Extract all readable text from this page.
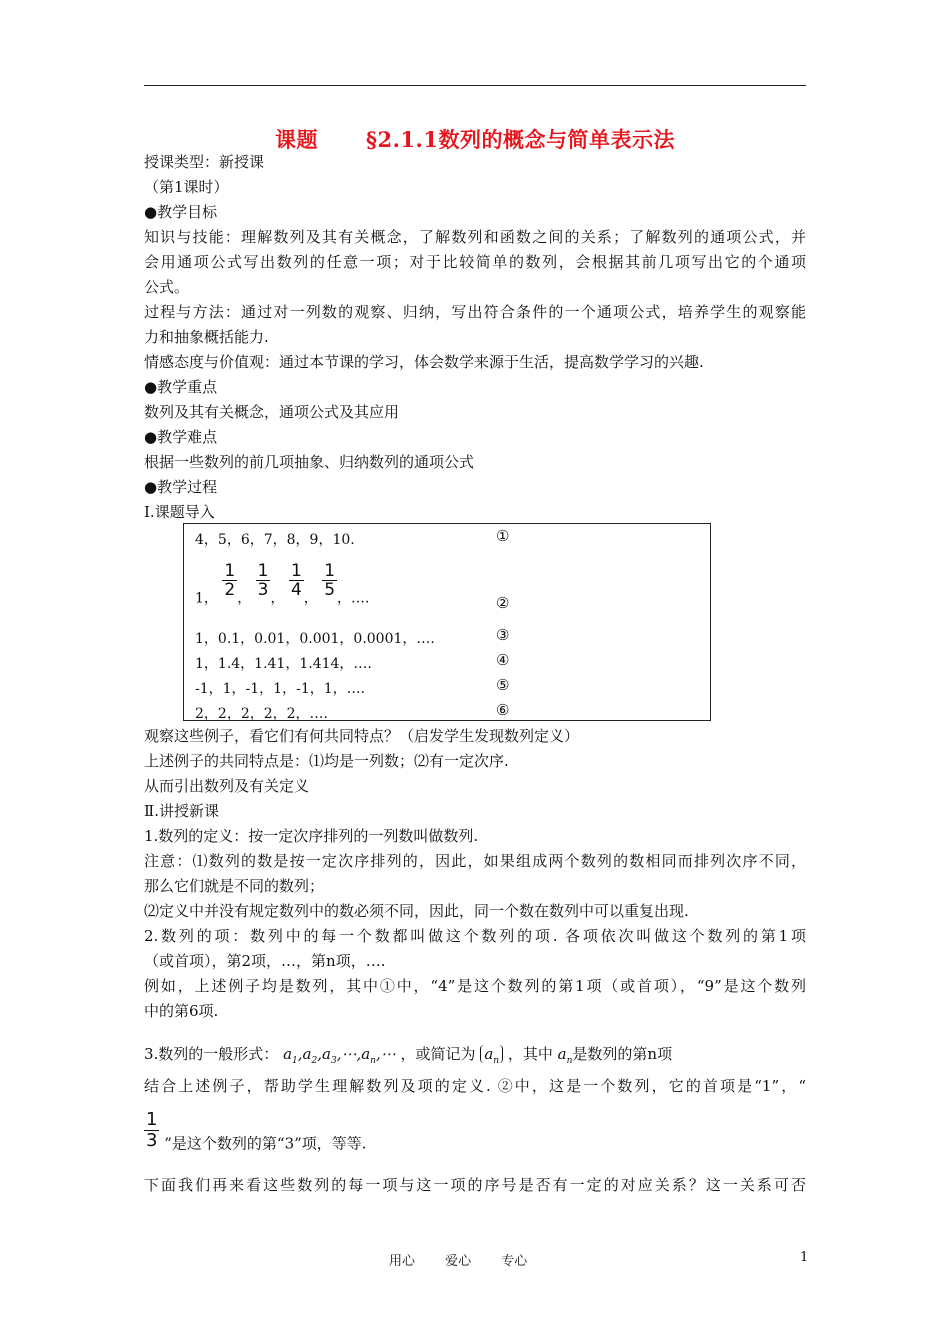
课题 §2.1.1数列的概念与简单表示法
授课类型：新授课
（第1课时）
●教学目标
知识与技能：理解数列及其有关概念，了解数列和函数之间的关系；了解数列的通项公式，并
会用通项公式写出数列的任意一项；对于比较简单的数列，会根据其前几项写出它的个通项
公式。
过程与方法：通过对一列数的观察、归纳，写出符合条件的一个通项公式，培养学生的观察能
力和抽象概括能力.
情感态度与价值观：通过本节课的学习，体会数学来源于生活，提高数学学习的兴趣.
●教学重点
数列及其有关概念，通项公式及其应用
●教学难点
根据一些数列的前几项抽象、归纳数列的通项公式
●教学过程
Ⅰ.课题导入
4，5，6，7，8，9，10.	①
1， $\frac{1}{2}$ ， $\frac{1}{3}$ ， $\frac{1}{4}$ ， $\frac{1}{5}$ ，….	②
1，0.1，0.01，0.001，0.0001，….	③
1，1.4，1.41，1.414，….	④
-1，1，-1，1，-1，1，….	⑤
2，2，2，2，2，….	⑥
观察这些例子，看它们有何共同特点？（启发学生发现数列定义）
上述例子的共同特点是：⑴均是一列数；⑵有一定次序.
从而引出数列及有关定义
Ⅱ.讲授新课
1.数列的定义：按一定次序排列的一列数叫做数列.
注意：⑴数列的数是按一定次序排列的，因此，如果组成两个数列的数相同而排列次序不同，
那么它们就是不同的数列；
⑵定义中并没有规定数列中的数必须不同，因此，同一个数在数列中可以重复出现.
2.数列的项：数列中的每一个数都叫做这个数列的项. 各项依次叫做这个数列的第1项
（或首项），第2项，…，第n项，….
例如，上述例子均是数列，其中①中，“4”是这个数列的第1项（或首项），“9”是这个数列
中的第6项.
3.数列的一般形式： $a_1,a_2,a_3,\cdots,a_n,\cdots$ ，或简记为 $a_n$ ，其中 $a_n$是数列的第n项
结合上述例子，帮助学生理解数列及项的定义. ②中，这是一个数列，它的首项是“1”，“
$\frac{1}{3}$ ”是这个数列的第“3”项，等等.
下面我们再来看这些数列的每一项与这一项的序号是否有一定的对应关系？这一关系可否
用心 爱心 专心	1
